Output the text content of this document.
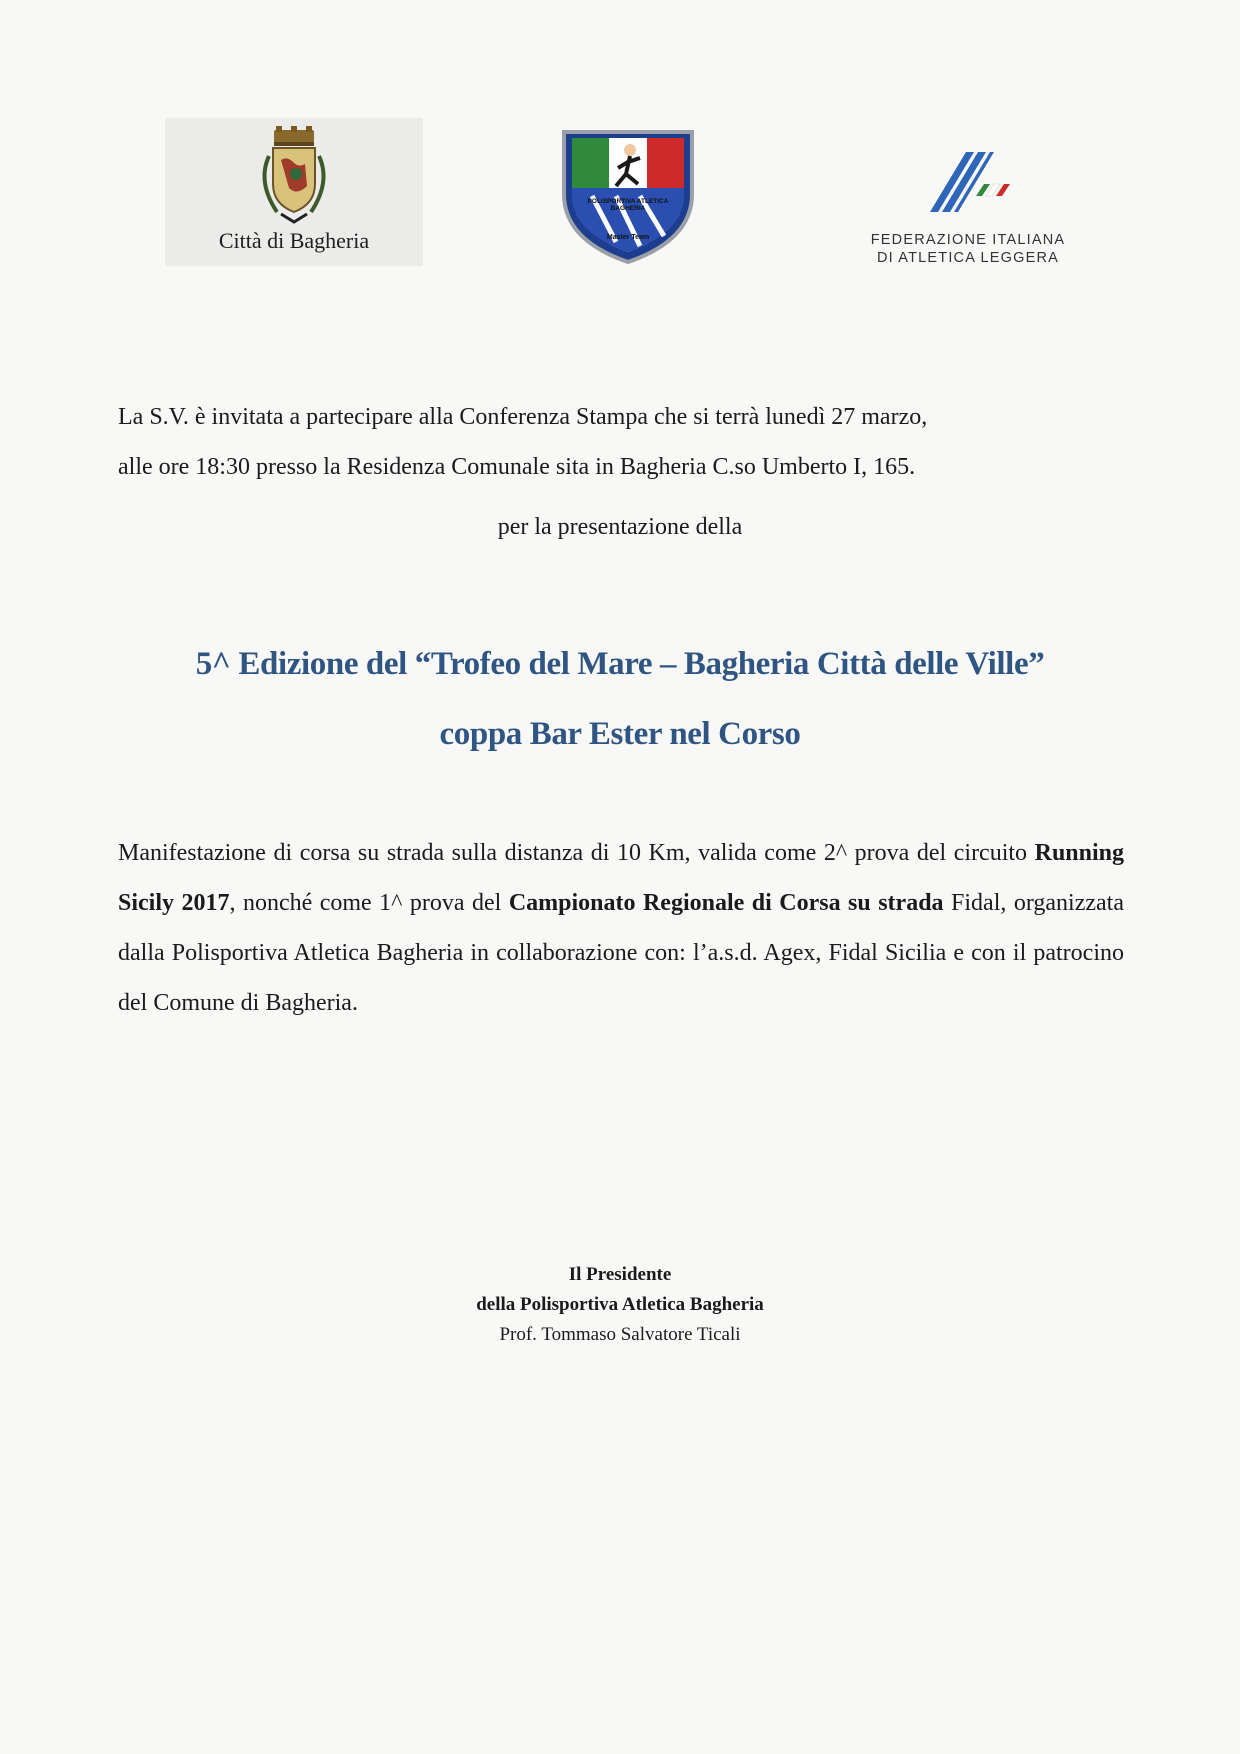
Città di Bagheria
POLISPORTIVA ATLETICA BAGHERIA
Master Team	FEDERAZIONE ITALIANA
DI ATLETICA LEGGERA

La S.V. è invitata a partecipare alla Conferenza Stampa che si terrà lunedì 27 marzo,
alle ore 18:30 presso la Residenza Comunale sita in Bagheria C.so Umberto I, 165.

per la presentazione della

5^ Edizione del “Trofeo del Mare – Bagheria Città delle Ville”

coppa Bar Ester nel Corso

Manifestazione di corsa su strada sulla distanza di 10 Km, valida come 2^ prova del circuito Running Sicily 2017, nonché come 1^ prova del Campionato Regionale di Corsa su strada Fidal, organizzata dalla Polisportiva Atletica Bagheria in collaborazione con: l’a.s.d. Agex, Fidal Sicilia e con il patrocino del Comune di Bagheria.

Il Presidente
della Polisportiva Atletica Bagheria
Prof. Tommaso Salvatore Ticali
